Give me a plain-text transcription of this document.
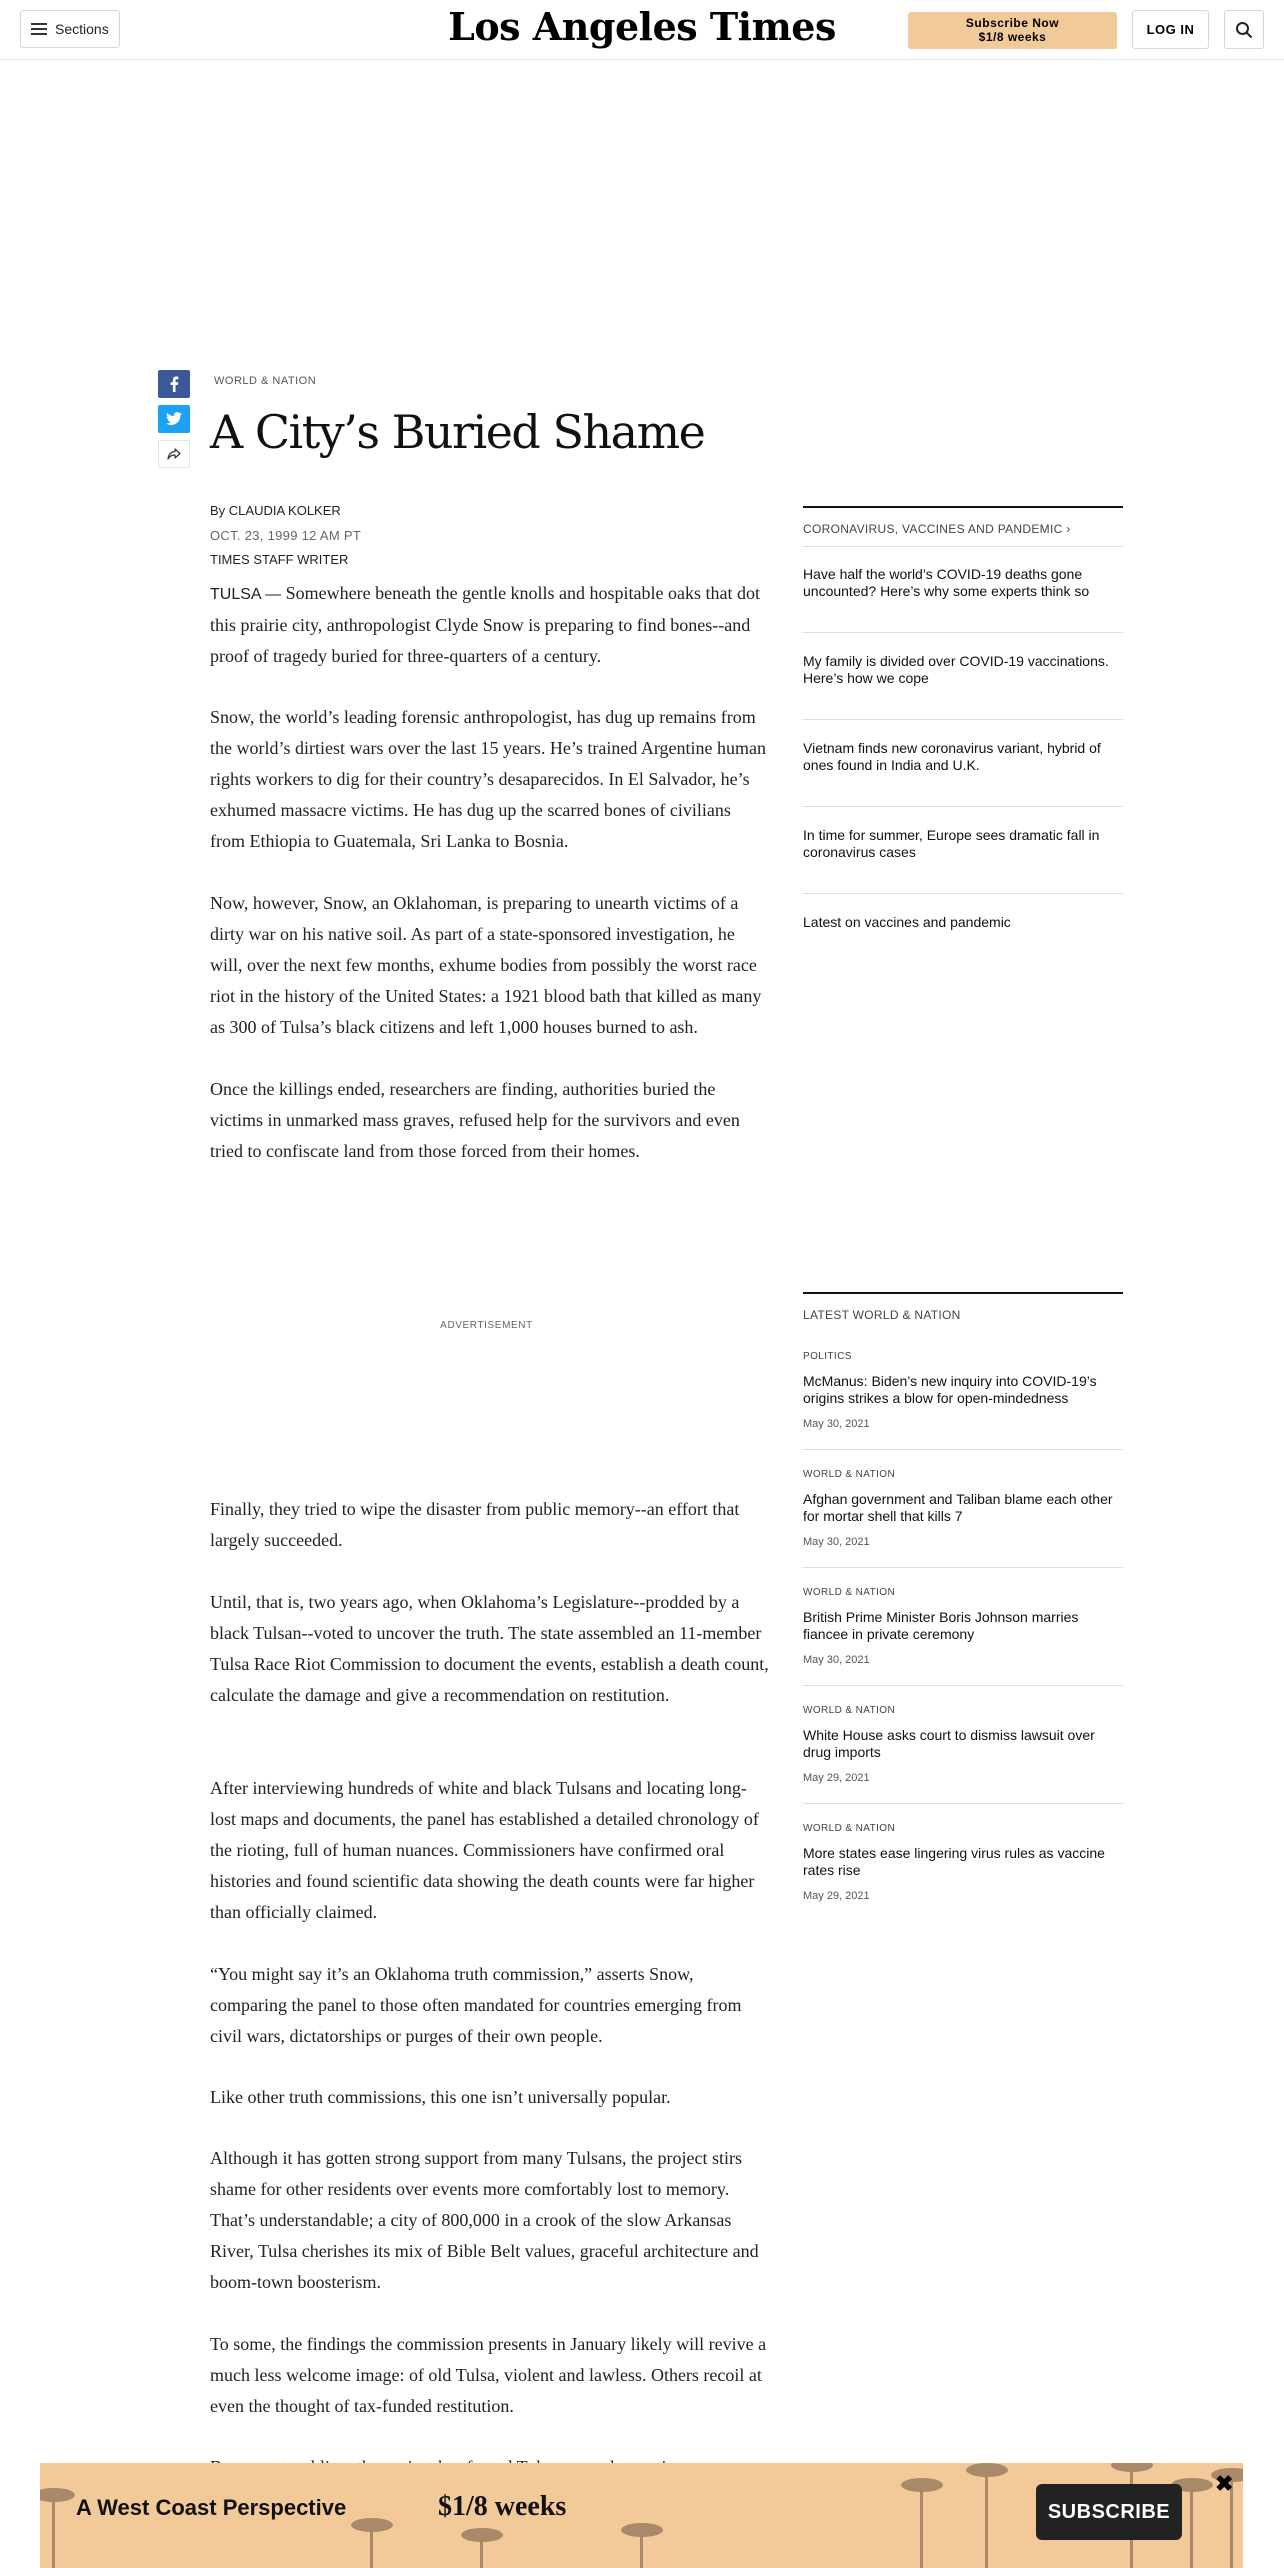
Sections	Los Angeles Times	Subscribe Now
$1/8 weeks	LOG IN
WORLD & NATION
A City’s Buried Shame
By CLAUDIA KOLKER
OCT. 23, 1999 12 AM PT
TIMES STAFF WRITER

TULSA — Somewhere beneath the gentle knolls and hospitable oaks that dot this prairie city, anthropologist Clyde Snow is preparing to find bones--and proof of tragedy buried for three-quarters of a century.

Snow, the world’s leading forensic anthropologist, has dug up remains from the world’s dirtiest wars over the last 15 years. He’s trained Argentine human rights workers to dig for their country’s desaparecidos. In El Salvador, he’s exhumed massacre victims. He has dug up the scarred bones of civilians from Ethiopia to Guatemala, Sri Lanka to Bosnia.

Now, however, Snow, an Oklahoman, is preparing to unearth victims of a dirty war on his native soil. As part of a state-sponsored investigation, he will, over the next few months, exhume bodies from possibly the worst race riot in the history of the United States: a 1921 blood bath that killed as many as 300 of Tulsa’s black citizens and left 1,000 houses burned to ash.

Once the killings ended, researchers are finding, authorities buried the victims in unmarked mass graves, refused help for the survivors and even tried to confiscate land from those forced from their homes.

ADVERTISEMENT

Finally, they tried to wipe the disaster from public memory--an effort that largely succeeded.

Until, that is, two years ago, when Oklahoma’s Legislature--prodded by a black Tulsan--voted to uncover the truth. The state assembled an 11-member Tulsa Race Riot Commission to document the events, establish a death count, calculate the damage and give a recommendation on restitution.

After interviewing hundreds of white and black Tulsans and locating long-lost maps and documents, the panel has established a detailed chronology of the rioting, full of human nuances. Commissioners have confirmed oral histories and found scientific data showing the death counts were far higher than officially claimed.

“You might say it’s an Oklahoma truth commission,” asserts Snow, comparing the panel to those often mandated for countries emerging from civil wars, dictatorships or purges of their own people.

Like other truth commissions, this one isn’t universally popular.

Although it has gotten strong support from many Tulsans, the project stirs shame for other residents over events more comfortably lost to memory. That’s understandable; a city of 800,000 in a crook of the slow Arkansas River, Tulsa cherishes its mix of Bible Belt values, graceful architecture and boom-town boosterism.

To some, the findings the commission presents in January likely will revive a much less welcome image: of old Tulsa, violent and lawless. Others recoil at even the thought of tax-funded restitution.

CORONAVIRUS, VACCINES AND PANDEMIC ›
Have half the world’s COVID-19 deaths gone uncounted? Here’s why some experts think so
My family is divided over COVID-19 vaccinations. Here’s how we cope
Vietnam finds new coronavirus variant, hybrid of ones found in India and U.K.
In time for summer, Europe sees dramatic fall in coronavirus cases
Latest on vaccines and pandemic
LATEST WORLD & NATION
POLITICS
McManus: Biden’s new inquiry into COVID-19’s origins strikes a blow for open-mindedness
May 30, 2021
WORLD & NATION
Afghan government and Taliban blame each other for mortar shell that kills 7
May 30, 2021
WORLD & NATION
British Prime Minister Boris Johnson marries fiancee in private ceremony
May 30, 2021
WORLD & NATION
White House asks court to dismiss lawsuit over drug imports
May 29, 2021
WORLD & NATION
More states ease lingering virus rules as vaccine rates rise
May 29, 2021
A West Coast Perspective	$1/8 weeks	SUBSCRIBE
✖
